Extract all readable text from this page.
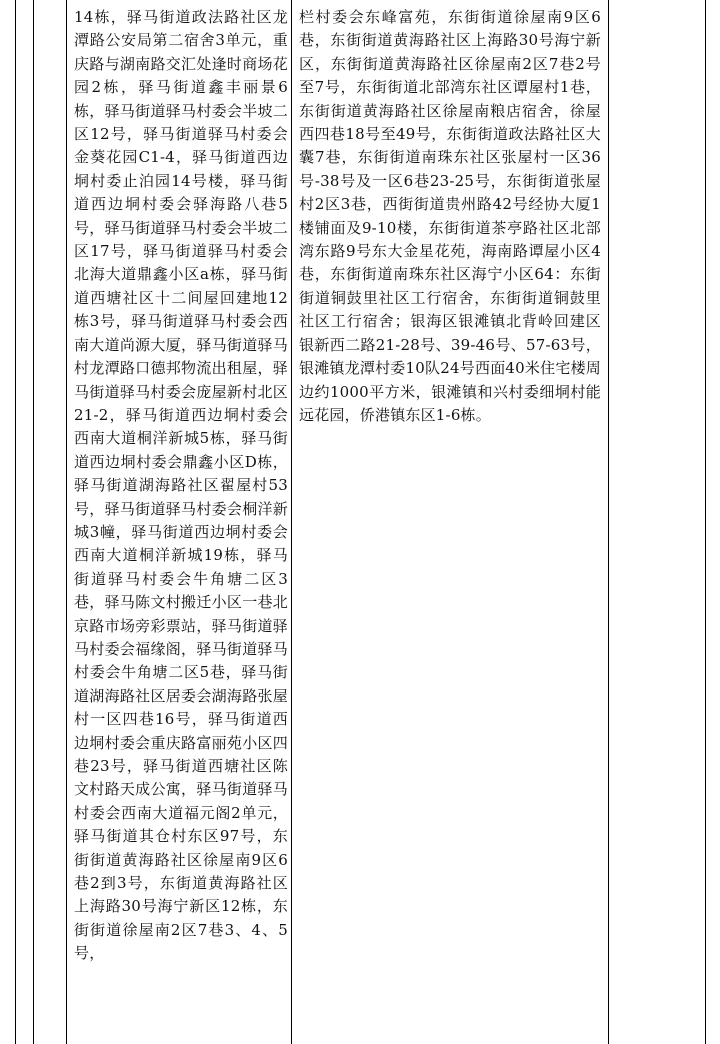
14栋，驿马街道政法路社区龙潭路公安局第二宿舍3单元，重庆路与湖南路交汇处逢时商场花园2栋，驿马街道鑫丰丽景6栋，驿马街道驿马村委会半坡二区12号，驿马街道驿马村委会金葵花园C1-4，驿马街道西边垌村委止泊园14号楼，驿马街道西边垌村委会驿海路八巷5号，驿马街道驿马村委会半坡二区17号，驿马街道驿马村委会北海大道鼎鑫小区a栋，驿马街道西塘社区十二间屋回建地12栋3号，驿马街道驿马村委会西南大道尚源大厦，驿马街道驿马村龙潭路口德邦物流出租屋，驿马街道驿马村委会庞屋新村北区21-2，驿马街道西边垌村委会西南大道桐洋新城5栋，驿马街道西边垌村委会鼎鑫小区D栋，驿马街道湖海路社区翟屋村53号，驿马街道驿马村委会桐洋新城3幢，驿马街道西边垌村委会西南大道桐洋新城19栋，驿马街道驿马村委会牛角塘二区3巷，驿马陈文村搬迁小区一巷北京路市场旁彩票站，驿马街道驿马村委会福缘阁，驿马街道驿马村委会牛角塘二区5巷，驿马街道湖海路社区居委会湖海路张屋村一区四巷16号，驿马街道西边垌村委会重庆路富丽苑小区四巷23号，驿马街道西塘社区陈文村路天成公寓，驿马街道驿马村委会西南大道福元阁2单元，驿马街道其仓村东区97号，东街街道黄海路社区徐屋南9区6巷2到3号，东街道黄海路社区上海路30号海宁新区12栋，东街街道徐屋南2区7巷3、4、5号，
栏村委会东峰富苑，东街街道徐屋南9区6巷，东街街道黄海路社区上海路30号海宁新区，东街街道黄海路社区徐屋南2区7巷2号至7号，东街街道北部湾东社区谭屋村1巷，东街街道黄海路社区徐屋南粮店宿舍，徐屋西四巷18号至49号，东街街道政法路社区大囊7巷，东街街道南珠东社区张屋村一区36号-38号及一区6巷23-25号，东街街道张屋村2区3巷，西街街道贵州路42号经协大厦1楼铺面及9-10楼，东街街道茶亭路社区北部湾东路9号东大金星花苑，海南路谭屋小区4巷，东街街道南珠东社区海宁小区64：东街街道铜鼓里社区工行宿舍，东街街道铜鼓里社区工行宿舍；银海区银滩镇北背岭回建区银新西二路21-28号、39-46号、57-63号，银滩镇龙潭村委10队24号西面40米住宅楼周边约1000平方米，银滩镇和兴村委细垌村能远花园，侨港镇东区1-6栋。
